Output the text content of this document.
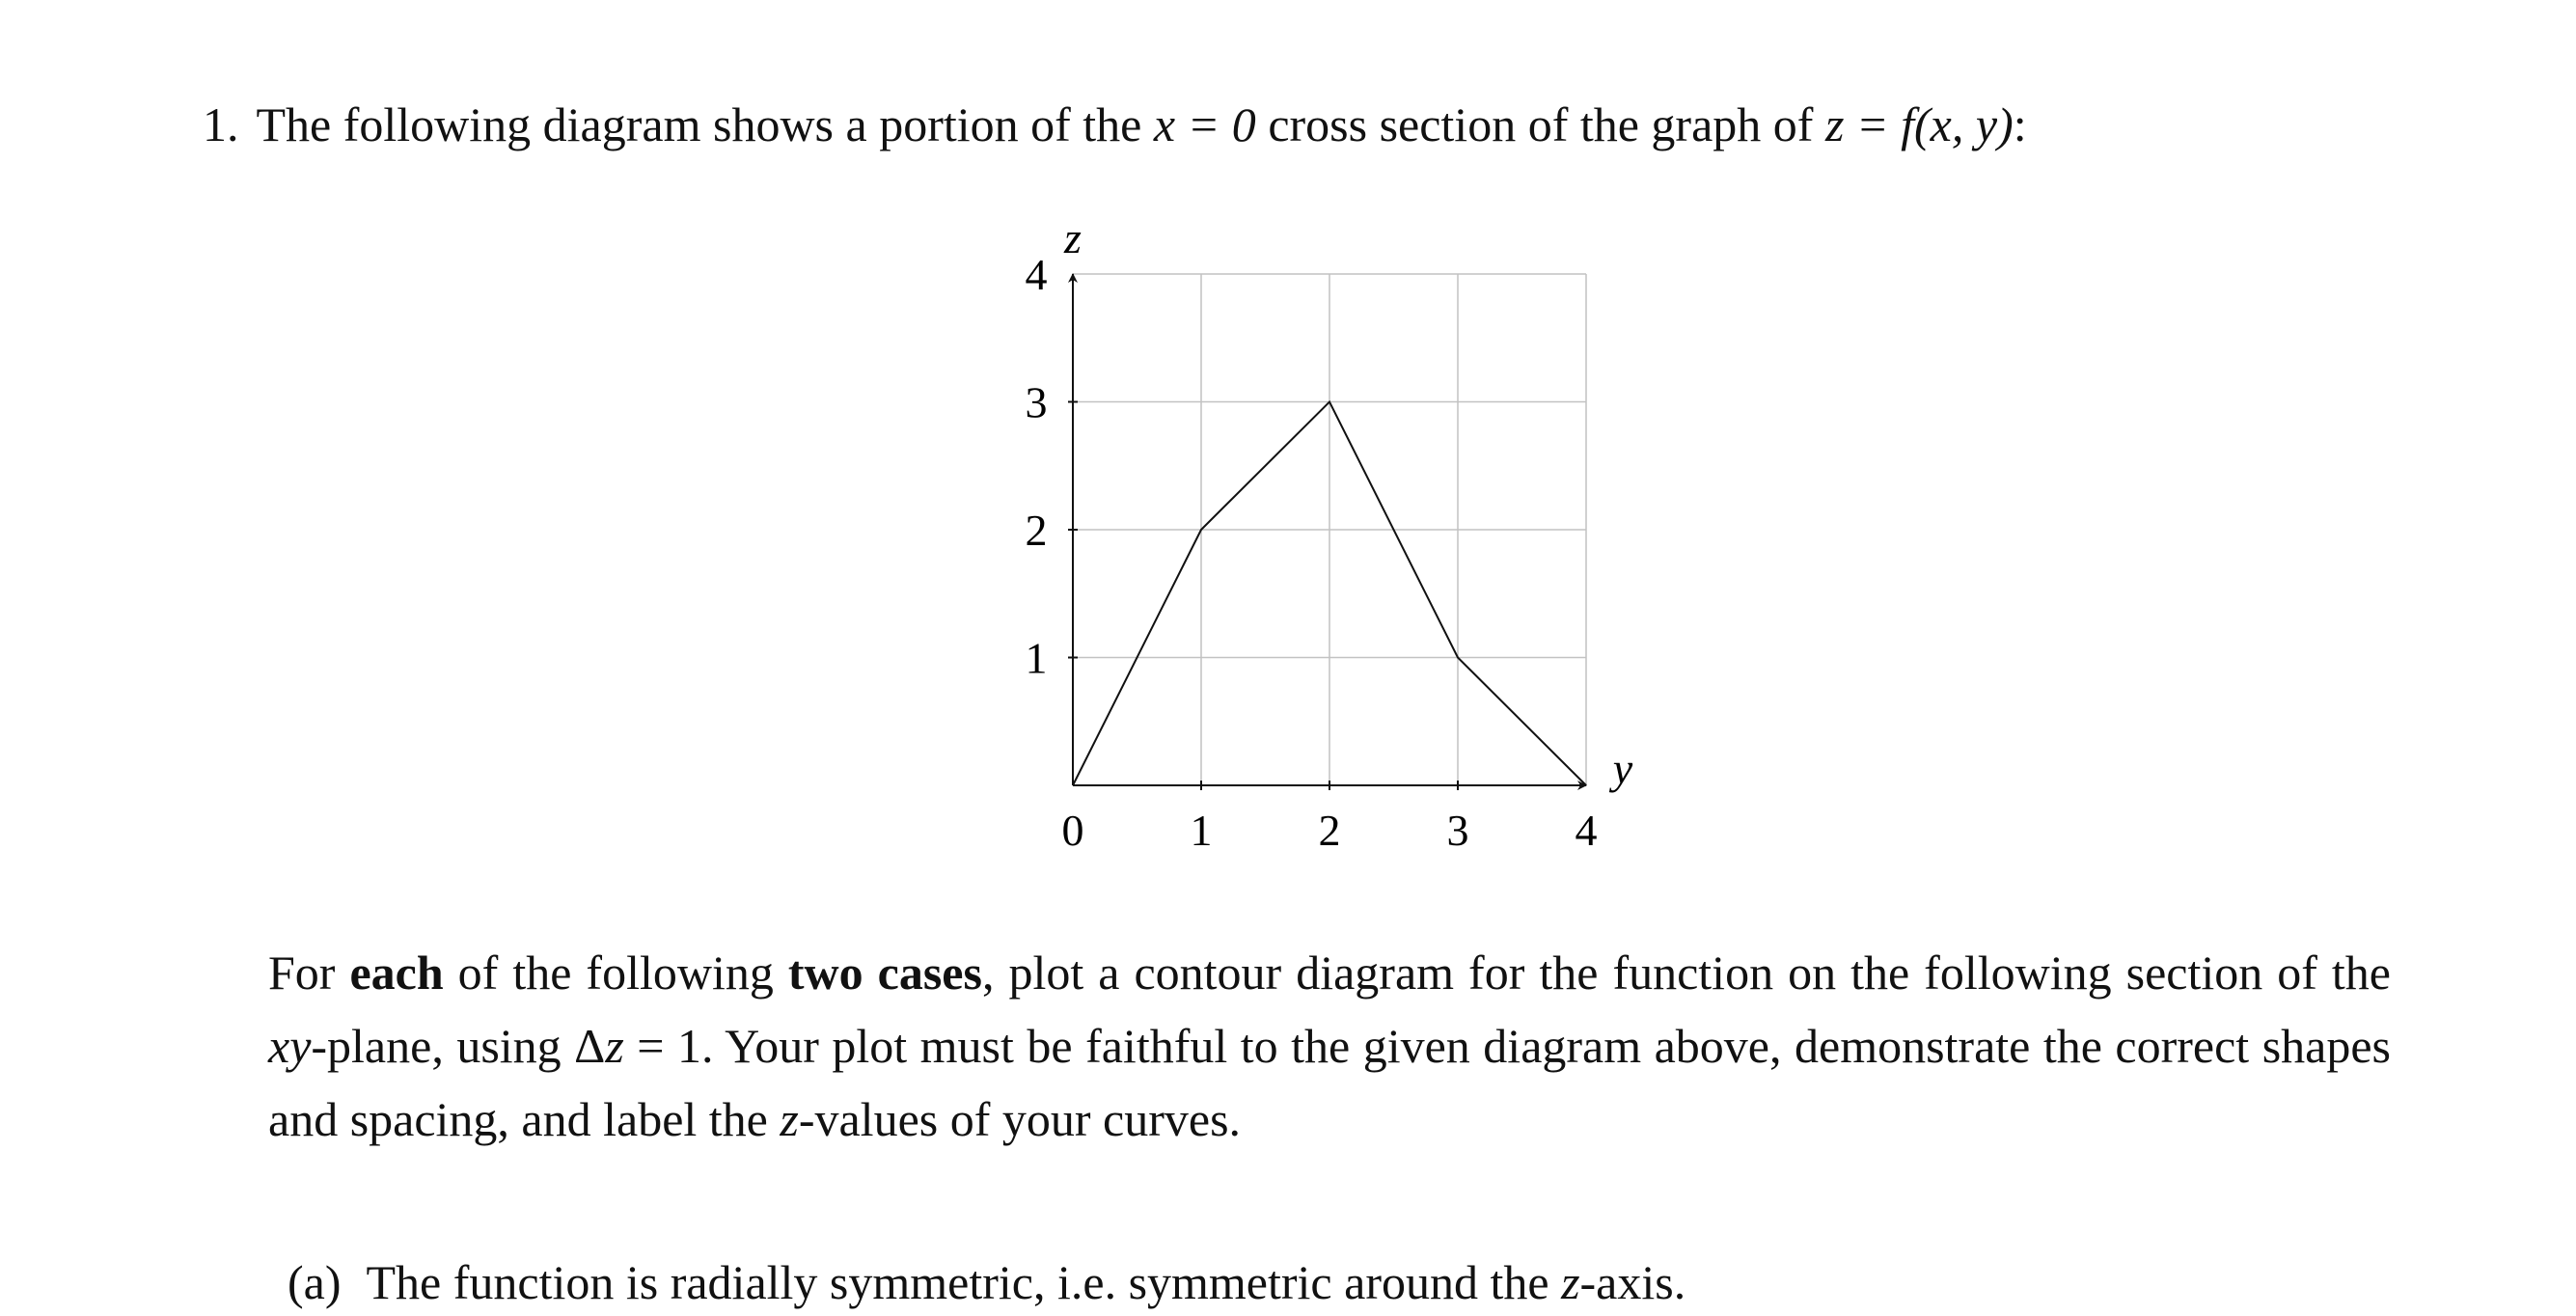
1. The following diagram shows a portion of the x = 0 cross section of the graph of z = f(x, y):
0 1 2 3 4
1
2
3
4
y
z
For each of the following two cases, plot a contour diagram for the function on the following section of the xy-plane, using Δz = 1. Your plot must be faithful to the given diagram above, demonstrate the correct shapes and spacing, and label the z-values of your curves.
(a) The function is radially symmetric, i.e. symmetric around the z-axis.
